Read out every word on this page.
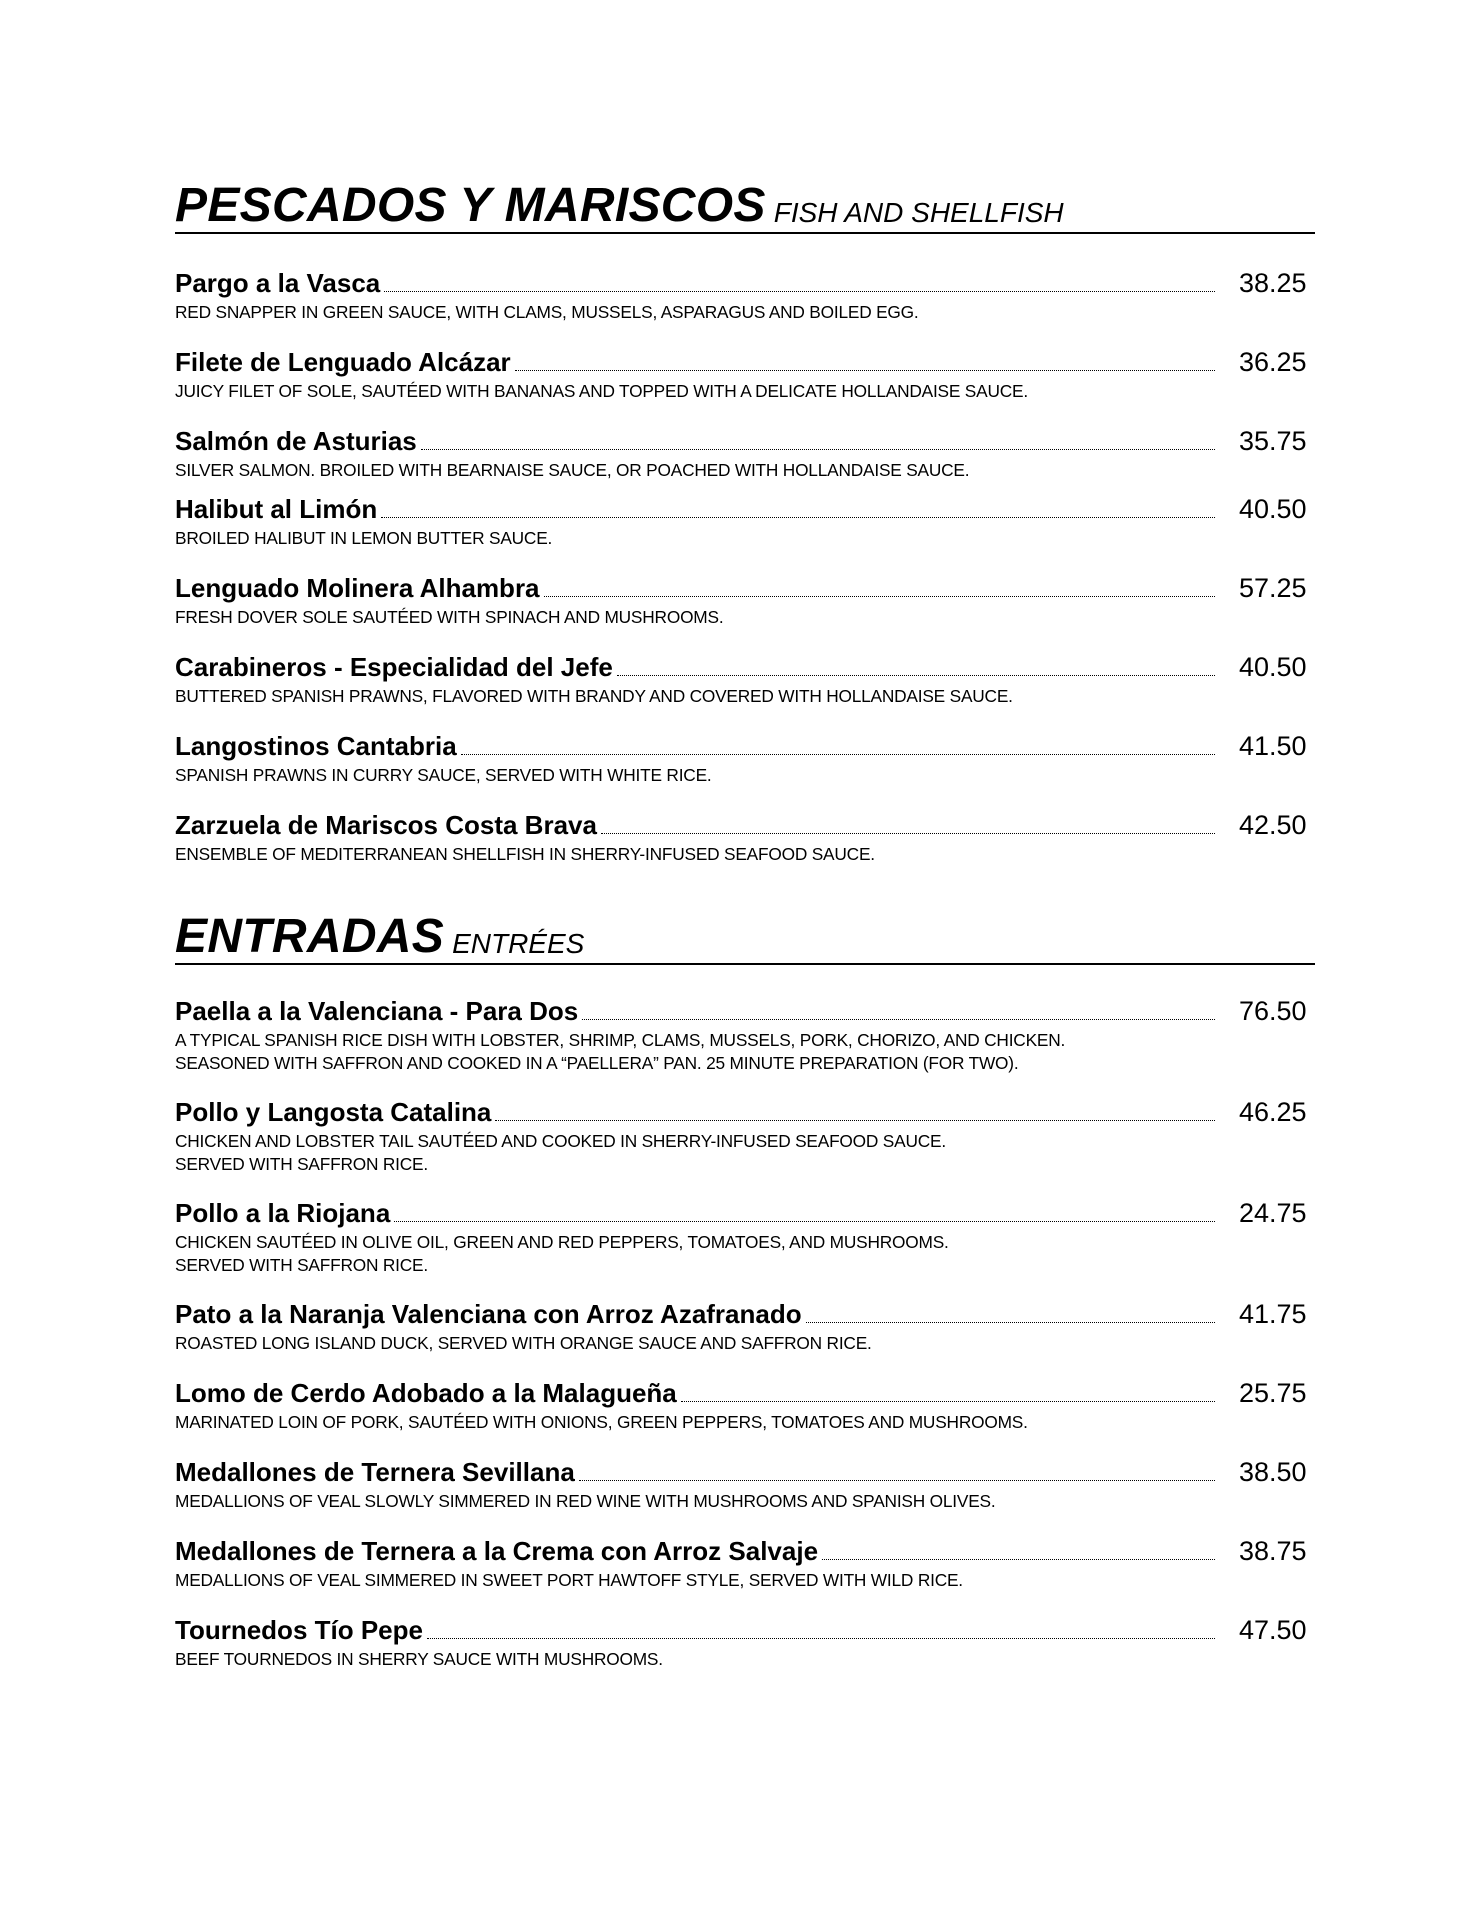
PESCADOS Y MARISCOS FISH AND SHELLFISH
Pargo a la Vasca	38.25
RED SNAPPER IN GREEN SAUCE, WITH CLAMS, MUSSELS, ASPARAGUS AND BOILED EGG.
Filete de Lenguado Alcázar	36.25
JUICY FILET OF SOLE, SAUTÉED WITH BANANAS AND TOPPED WITH A DELICATE HOLLANDAISE SAUCE.
Salmón de Asturias	35.75
SILVER SALMON. BROILED WITH BEARNAISE SAUCE, OR POACHED WITH HOLLANDAISE SAUCE.
Halibut al Limón	40.50
BROILED HALIBUT IN LEMON BUTTER SAUCE.
Lenguado Molinera Alhambra	57.25
FRESH DOVER SOLE SAUTÉED WITH SPINACH AND MUSHROOMS.
Carabineros - Especialidad del Jefe	40.50
BUTTERED SPANISH PRAWNS, FLAVORED WITH BRANDY AND COVERED WITH HOLLANDAISE SAUCE.
Langostinos Cantabria	41.50
SPANISH PRAWNS IN CURRY SAUCE, SERVED WITH WHITE RICE.
Zarzuela de Mariscos Costa Brava	42.50
ENSEMBLE OF MEDITERRANEAN SHELLFISH IN SHERRY-INFUSED SEAFOOD SAUCE.
ENTRADAS ENTRÉES
Paella a la Valenciana - Para Dos	76.50
A TYPICAL SPANISH RICE DISH WITH LOBSTER, SHRIMP, CLAMS, MUSSELS, PORK, CHORIZO, AND CHICKEN.
SEASONED WITH SAFFRON AND COOKED IN A “PAELLERA” PAN. 25 MINUTE PREPARATION (FOR TWO).
Pollo y Langosta Catalina	46.25
CHICKEN AND LOBSTER TAIL SAUTÉED AND COOKED IN SHERRY-INFUSED SEAFOOD SAUCE.
SERVED WITH SAFFRON RICE.
Pollo a la Riojana	24.75
CHICKEN SAUTÉED IN OLIVE OIL, GREEN AND RED PEPPERS, TOMATOES, AND MUSHROOMS.
SERVED WITH SAFFRON RICE.
Pato a la Naranja Valenciana con Arroz Azafranado	41.75
ROASTED LONG ISLAND DUCK, SERVED WITH ORANGE SAUCE AND SAFFRON RICE.
Lomo de Cerdo Adobado a la Malagueña	25.75
MARINATED LOIN OF PORK, SAUTÉED WITH ONIONS, GREEN PEPPERS, TOMATOES AND MUSHROOMS.
Medallones de Ternera Sevillana	38.50
MEDALLIONS OF VEAL SLOWLY SIMMERED IN RED WINE WITH MUSHROOMS AND SPANISH OLIVES.
Medallones de Ternera a la Crema con Arroz Salvaje	38.75
MEDALLIONS OF VEAL SIMMERED IN SWEET PORT HAWTOFF STYLE, SERVED WITH WILD RICE.
Tournedos Tío Pepe	47.50
BEEF TOURNEDOS IN SHERRY SAUCE WITH MUSHROOMS.
